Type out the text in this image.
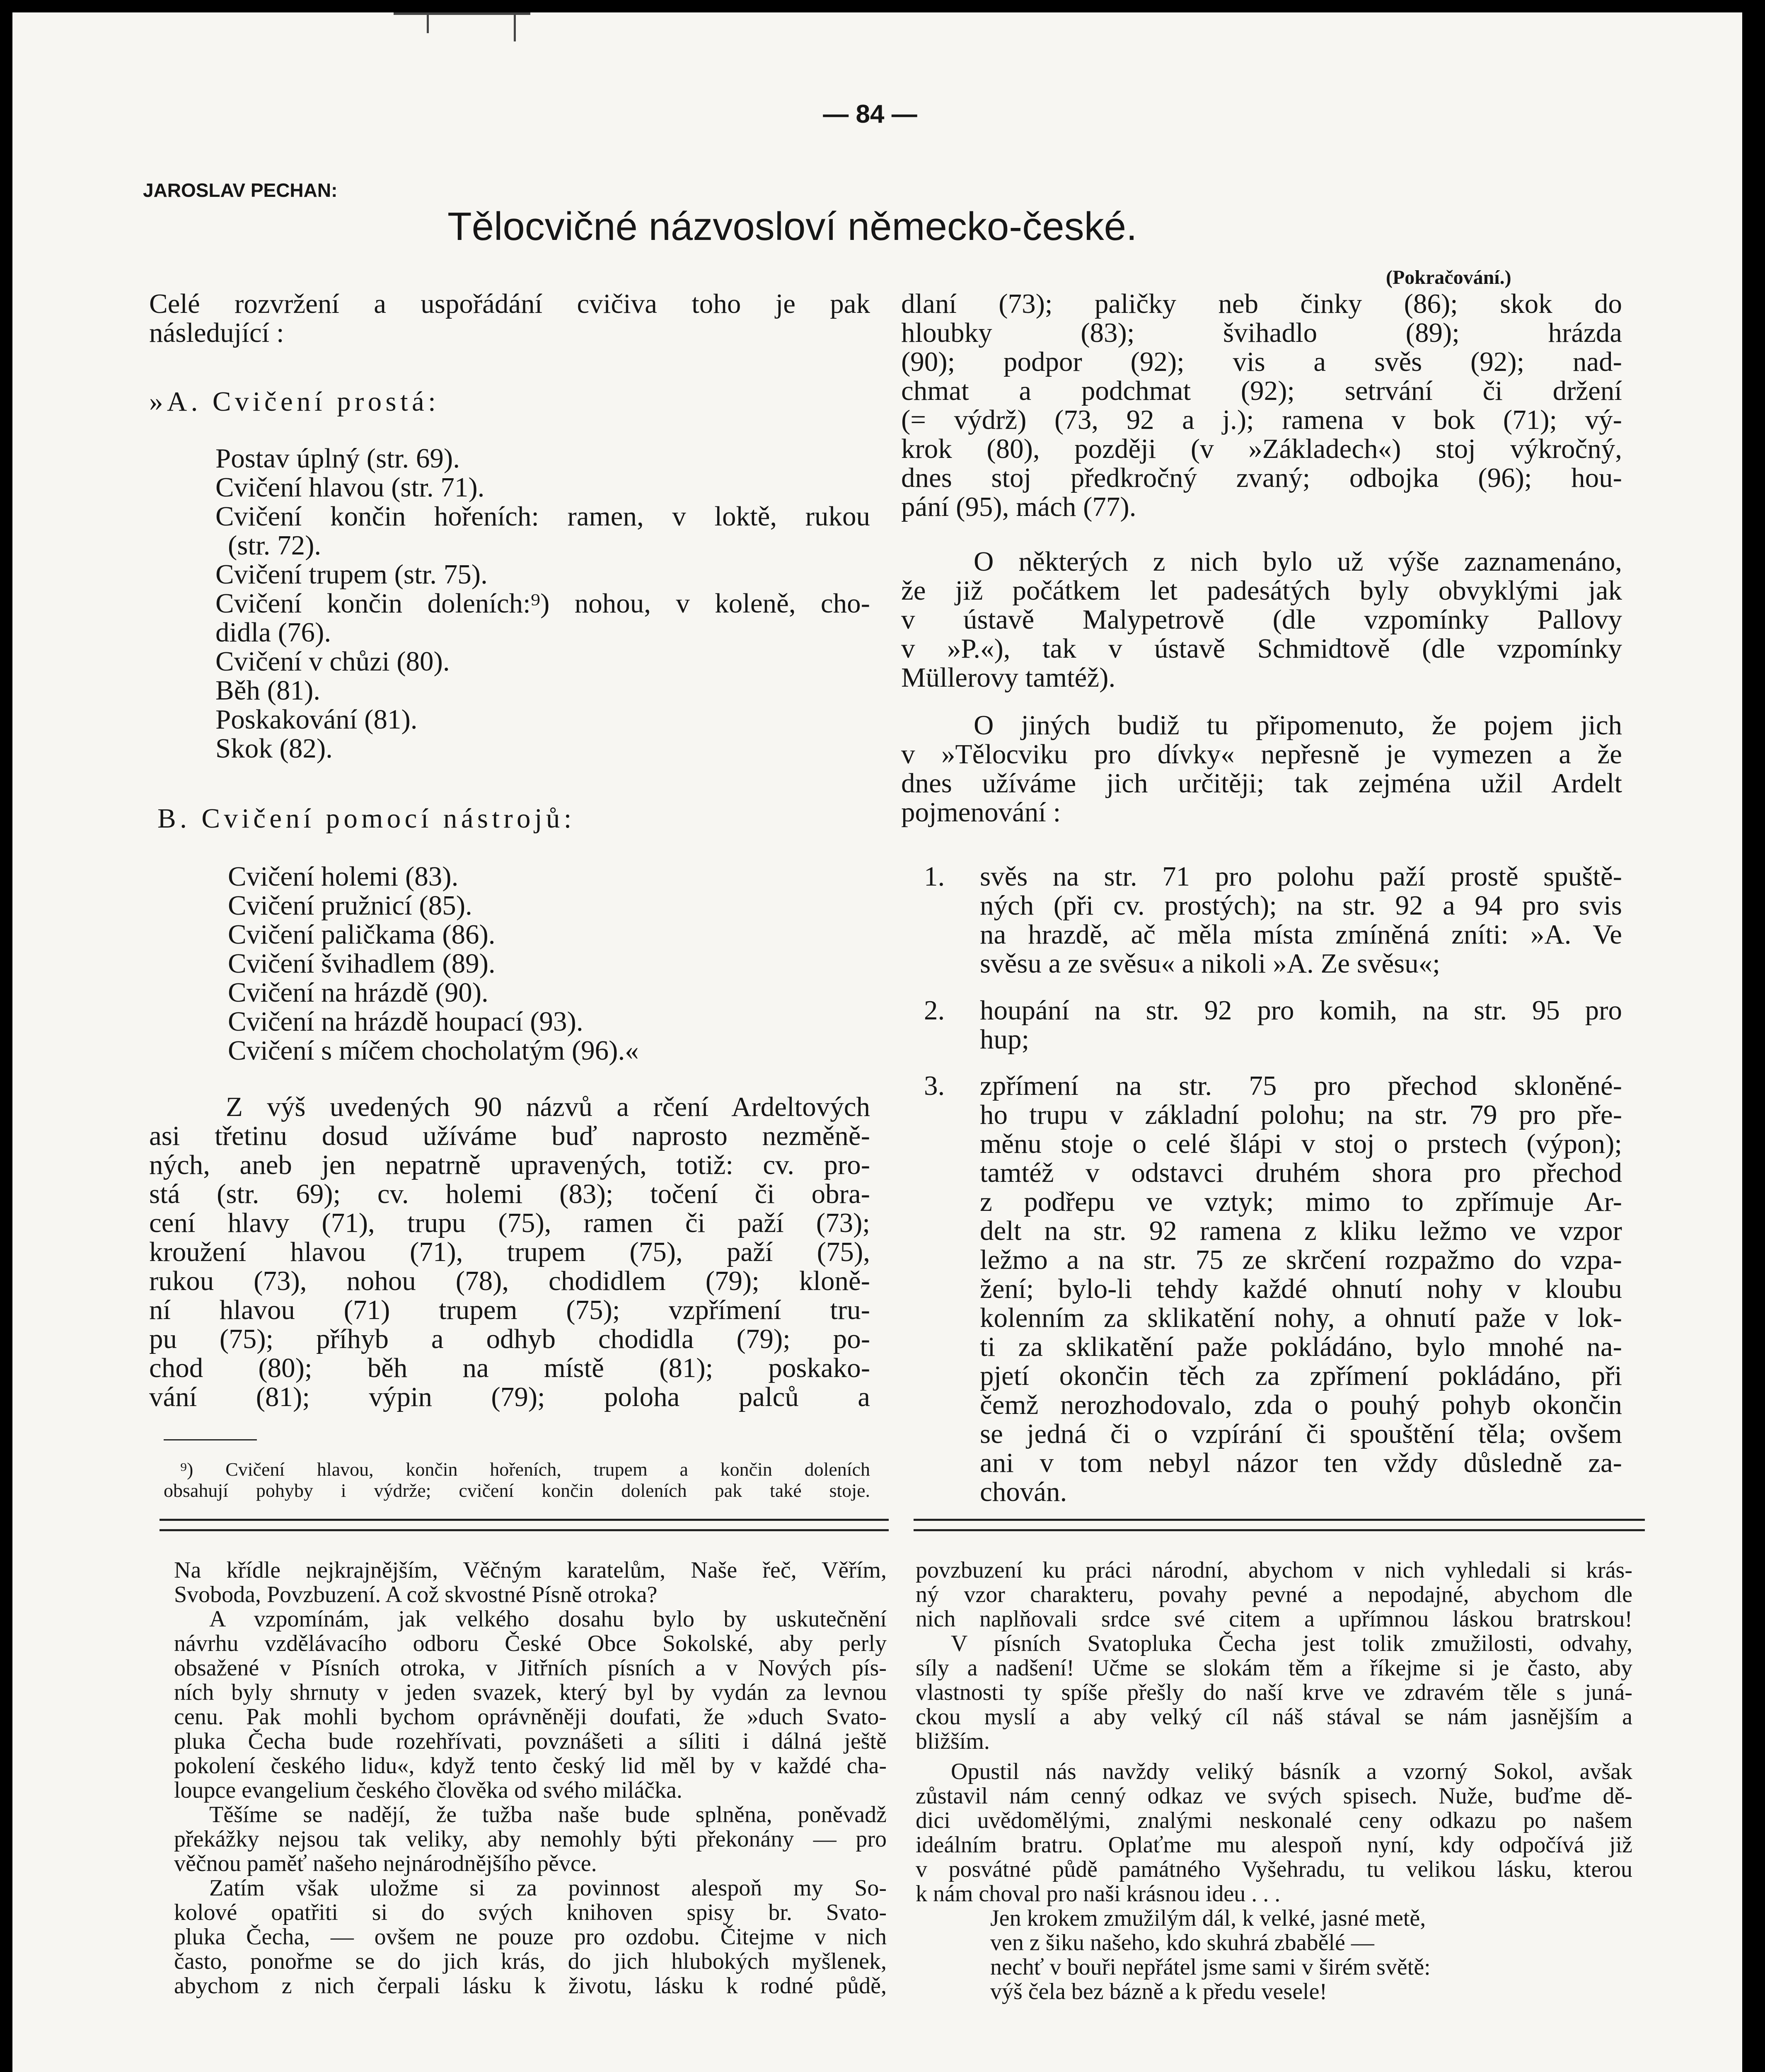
— 84 —
JAROSLAV PECHAN:
Tělocvičné názvosloví německo-české.
(Pokračování.)
Celé rozvržení a uspořádání cvičiva toho je pak
následující :
»A. Cvičení prostá:
Postav úplný (str. 69).
Cvičení hlavou (str. 71).
Cvičení končin hořeních: ramen, v loktě, rukou
(str. 72).
Cvičení trupem (str. 75).
Cvičení končin doleních:⁹) nohou, v koleně, cho-
didla (76).
Cvičení v chůzi (80).
Běh (81).
Poskakování (81).
Skok (82).
B. Cvičení pomocí nástrojů:
Cvičení holemi (83).
Cvičení pružnicí (85).
Cvičení paličkama (86).
Cvičení švihadlem (89).
Cvičení na hrázdě (90).
Cvičení na hrázdě houpací (93).
Cvičení s míčem chocholatým (96).«
Z výš uvedených 90 názvů a rčení Ardeltových
asi třetinu dosud užíváme buď naprosto nezměně-
ných, aneb jen nepatrně upravených, totiž: cv. pro-
stá (str. 69); cv. holemi (83); točení či obra-
cení hlavy (71), trupu (75), ramen či paží (73);
kroužení hlavou (71), trupem (75), paží (75),
rukou (73), nohou (78), chodidlem (79); kloně-
ní hlavou (71) trupem (75); vzpřímení tru-
pu (75); příhyb a odhyb chodidla (79); po-
chod (80); běh na místě (81); poskako-
vání (81); výpin (79); poloha palců a
⁹) Cvičení hlavou, končin hořeních, trupem a končin doleních
obsahují pohyby i výdrže; cvičení končin doleních pak také stoje.
dlaní (73); paličky neb činky (86); skok do
hloubky (83); švihadlo (89); hrázda
(90); podpor (92); vis a svěs (92); nad-
chmat a podchmat (92); setrvání či držení
(= výdrž) (73, 92 a j.); ramena v bok (71); vý-
krok (80), později (v »Základech«) stoj výkročný,
dnes stoj předkročný zvaný; odbojka (96); hou-
pání (95), mách (77).
O některých z nich bylo už výše zaznamenáno,
že již počátkem let padesátých byly obvyklými jak
v ústavě Malypetrově (dle vzpomínky Pallovy
v »P.«), tak v ústavě Schmidtově (dle vzpomínky
Müllerovy tamtéž).
O jiných budiž tu připomenuto, že pojem jich
v »Tělocviku pro dívky« nepřesně je vymezen a že
dnes užíváme jich určitěji; tak zejména užil Ardelt
pojmenování :
1. svěs na str. 71 pro polohu paží prostě spuště-
ných (při cv. prostých); na str. 92 a 94 pro svis
na hrazdě, ač měla místa zmíněná zníti: »A. Ve
svěsu a ze svěsu« a nikoli »A. Ze svěsu«;
2. houpání na str. 92 pro komih, na str. 95 pro
hup;
3. zpřímení na str. 75 pro přechod skloněné-
ho trupu v základní polohu; na str. 79 pro pře-
měnu stoje o celé šlápi v stoj o prstech (výpon);
tamtéž v odstavci druhém shora pro přechod
z podřepu ve vztyk; mimo to zpřímuje Ar-
delt na str. 92 ramena z kliku ležmo ve vzpor
ležmo a na str. 75 ze skrčení rozpažmo do vzpa-
žení; bylo-li tehdy každé ohnutí nohy v kloubu
kolenním za sklikatění nohy, a ohnutí paže v lok-
ti za sklikatění paže pokládáno, bylo mnohé na-
pjetí okončin těch za zpřímení pokládáno, při
čemž nerozhodovalo, zda o pouhý pohyb okončin
se jedná či o vzpírání či spouštění těla; ovšem
ani v tom nebyl názor ten vždy důsledně za-
chován.
Na křídle nejkrajnějším, Věčným karatelům, Naše řeč, Věřím,
Svoboda, Povzbuzení. A což skvostné Písně otroka?
A vzpomínám, jak velkého dosahu bylo by uskutečnění
návrhu vzdělávacího odboru České Obce Sokolské, aby perly
obsažené v Písních otroka, v Jitřních písních a v Nových pís-
ních byly shrnuty v jeden svazek, který byl by vydán za levnou
cenu. Pak mohli bychom oprávněněji doufati, že »duch Svato-
pluka Čecha bude rozehřívati, povznášeti a síliti i dálná ještě
pokolení českého lidu«, když tento český lid měl by v každé cha-
loupce evangelium českého člověka od svého miláčka.
Těšíme se nadějí, že tužba naše bude splněna, poněvadž
překážky nejsou tak veliky, aby nemohly býti překonány — pro
věčnou paměť našeho nejnárodnějšího pěvce.
Zatím však uložme si za povinnost alespoň my So-
kolové opatřiti si do svých knihoven spisy br. Svato-
pluka Čecha, — ovšem ne pouze pro ozdobu. Čitejme v nich
často, ponořme se do jich krás, do jich hlubokých myšlenek,
abychom z nich čerpali lásku k životu, lásku k rodné půdě,
povzbuzení ku práci národní, abychom v nich vyhledali si krás-
ný vzor charakteru, povahy pevné a nepodajné, abychom dle
nich naplňovali srdce své citem a upřímnou láskou bratrskou!
V písních Svatopluka Čecha jest tolik zmužilosti, odvahy,
síly a nadšení! Učme se slokám těm a říkejme si je často, aby
vlastnosti ty spíše přešly do naší krve ve zdravém těle s juná-
ckou myslí a aby velký cíl náš stával se nám jasnějším a
bližším.
Opustil nás navždy veliký básník a vzorný Sokol, avšak
zůstavil nám cenný odkaz ve svých spisech. Nuže, buďme dě-
dici uvědomělými, znalými neskonalé ceny odkazu po našem
ideálním bratru. Oplaťme mu alespoň nyní, kdy odpočívá již
v posvátné půdě památného Vyšehradu, tu velikou lásku, kterou
k nám choval pro naši krásnou ideu . . .
Jen krokem zmužilým dál, k velké, jasné metě,
ven z šiku našeho, kdo skuhrá zbabělé —
nechť v bouři nepřátel jsme sami v širém světě:
výš čela bez bázně a k předu vesele!
